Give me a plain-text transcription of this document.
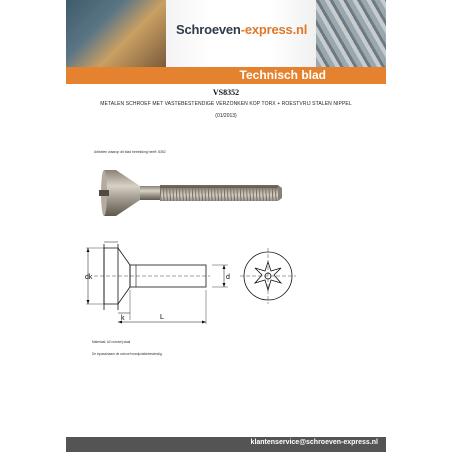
Schroeven-express.nl
Technisch blad
VS8352
METALEN SCHROEF MET VASTEBESTENDIGE VERZONKEN KOP TORX + ROESTVRIJ STALEN NIPPEL
(01/2013)
Artikelen waarop dit blad betrekking heeft: 8352
dk
k	L
d
Materiaal: A2 roestvrij staal
De inpassinaam de schroef manipulatiebestendig.
klantenservice@schroeven-express.nl
